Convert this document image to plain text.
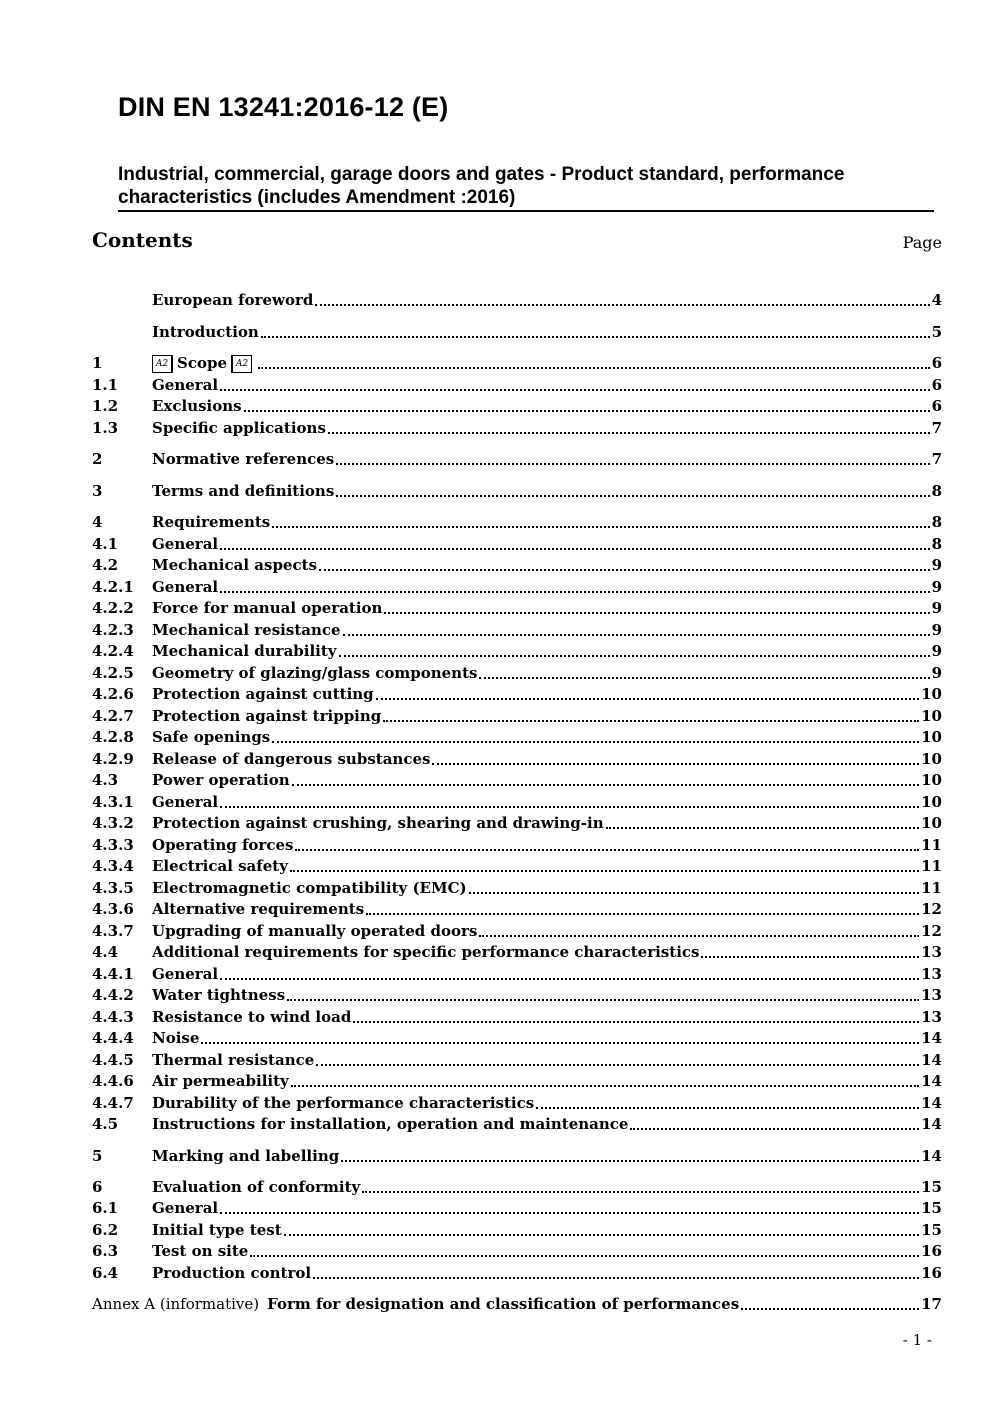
DIN EN 13241:2016-12 (E)
Industrial, commercial, garage doors and gates - Product standard, performance characteristics (includes Amendment :2016)
Contents	Page
European foreword	4
Introduction	5
1	A2 Scope A2	6
1.1	General	6
1.2	Exclusions	6
1.3	Specific applications	7
2	Normative references	7
3	Terms and definitions	8
4	Requirements	8
4.1	General	8
4.2	Mechanical aspects	9
4.2.1	General	9
4.2.2	Force for manual operation	9
4.2.3	Mechanical resistance	9
4.2.4	Mechanical durability	9
4.2.5	Geometry of glazing/glass components	9
4.2.6	Protection against cutting	10
4.2.7	Protection against tripping	10
4.2.8	Safe openings	10
4.2.9	Release of dangerous substances	10
4.3	Power operation	10
4.3.1	General	10
4.3.2	Protection against crushing, shearing and drawing-in	10
4.3.3	Operating forces	11
4.3.4	Electrical safety	11
4.3.5	Electromagnetic compatibility (EMC)	11
4.3.6	Alternative requirements	12
4.3.7	Upgrading of manually operated doors	12
4.4	Additional requirements for specific performance characteristics	13
4.4.1	General	13
4.4.2	Water tightness	13
4.4.3	Resistance to wind load	13
4.4.4	Noise	14
4.4.5	Thermal resistance	14
4.4.6	Air permeability	14
4.4.7	Durability of the performance characteristics	14
4.5	Instructions for installation, operation and maintenance	14
5	Marking and labelling	14
6	Evaluation of conformity	15
6.1	General	15
6.2	Initial type test	15
6.3	Test on site	16
6.4	Production control	16
Annex A (informative) Form for designation and classification of performances	17
- 1 -
